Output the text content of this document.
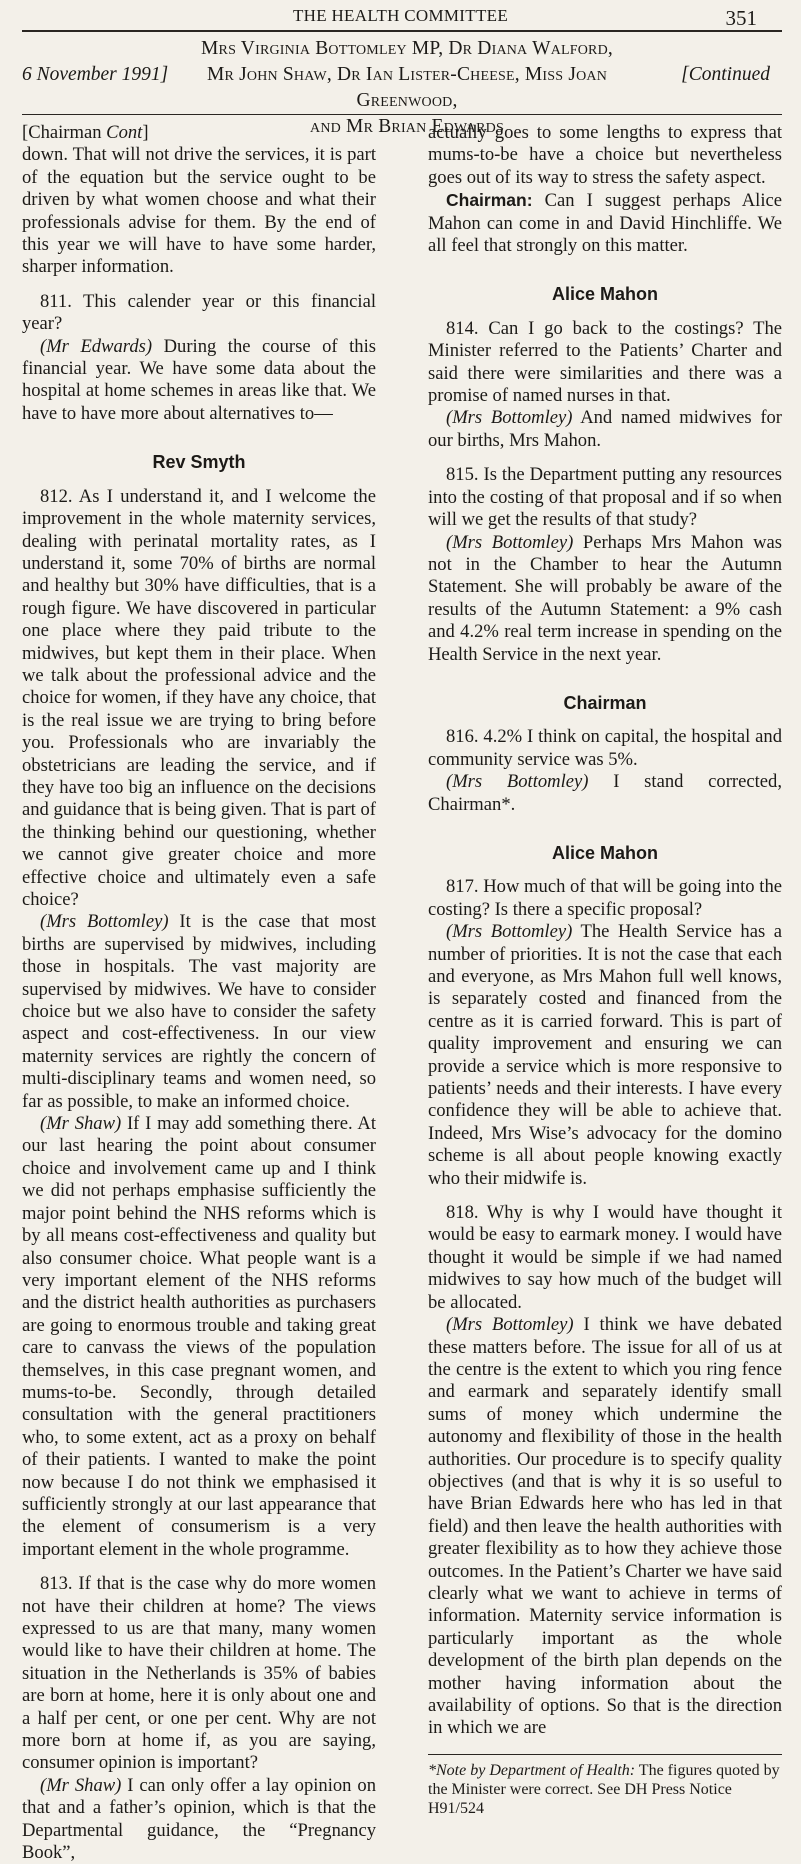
THE HEALTH COMMITTEE	351
6 November 1991]
Mrs Virginia Bottomley MP, Dr Diana Walford,
Mr John Shaw, Dr Ian Lister-Cheese, Miss Joan Greenwood,
and Mr Brian Edwards
[Continued

[Chairman Cont]

down. That will not drive the services, it is part of the equation but the service ought to be driven by what women choose and what their professionals advise for them. By the end of this year we will have to have some harder, sharper information.

811. This calender year or this financial year?

(Mr Edwards) During the course of this financial year. We have some data about the hospital at home schemes in areas like that. We have to have more about alternatives to—

Rev Smyth

812. As I understand it, and I welcome the improvement in the whole maternity services, dealing with perinatal mortality rates, as I understand it, some 70% of births are normal and healthy but 30% have difficulties, that is a rough figure. We have discovered in particular one place where they paid tribute to the midwives, but kept them in their place. When we talk about the professional advice and the choice for women, if they have any choice, that is the real issue we are trying to bring before you. Professionals who are invariably the obstetricians are leading the service, and if they have too big an influence on the decisions and guidance that is being given. That is part of the thinking behind our questioning, whether we cannot give greater choice and more effective choice and ultimately even a safe choice?

(Mrs Bottomley) It is the case that most births are supervised by midwives, including those in hospitals. The vast majority are supervised by midwives. We have to consider choice but we also have to consider the safety aspect and cost-effectiveness. In our view maternity services are rightly the concern of multi-disciplinary teams and women need, so far as possible, to make an informed choice.

(Mr Shaw) If I may add something there. At our last hearing the point about consumer choice and involvement came up and I think we did not perhaps emphasise sufficiently the major point behind the NHS reforms which is by all means cost-effectiveness and quality but also consumer choice. What people want is a very important element of the NHS reforms and the district health authorities as purchasers are going to enormous trouble and taking great care to canvass the views of the population themselves, in this case pregnant women, and mums-to-be. Secondly, through detailed consultation with the general practitioners who, to some extent, act as a proxy on behalf of their patients. I wanted to make the point now because I do not think we emphasised it sufficiently strongly at our last appearance that the element of consumerism is a very important element in the whole programme.

813. If that is the case why do more women not have their children at home? The views expressed to us are that many, many women would like to have their children at home. The situation in the Netherlands is 35% of babies are born at home, here it is only about one and a half per cent, or one per cent. Why are not more born at home if, as you are saying, consumer opinion is important?

(Mr Shaw) I can only offer a lay opinion on that and a father’s opinion, which is that the Departmental guidance, the “Pregnancy Book”,

actually goes to some lengths to express that mums-to-be have a choice but nevertheless goes out of its way to stress the safety aspect.

Chairman: Can I suggest perhaps Alice Mahon can come in and David Hinchliffe. We all feel that strongly on this matter.

Alice Mahon

814. Can I go back to the costings? The Minister referred to the Patients’ Charter and said there were similarities and there was a promise of named nurses in that.

(Mrs Bottomley) And named midwives for our births, Mrs Mahon.

815. Is the Department putting any resources into the costing of that proposal and if so when will we get the results of that study?

(Mrs Bottomley) Perhaps Mrs Mahon was not in the Chamber to hear the Autumn Statement. She will probably be aware of the results of the Autumn Statement: a 9% cash and 4.2% real term increase in spending on the Health Service in the next year.

Chairman

816. 4.2% I think on capital, the hospital and community service was 5%.

(Mrs Bottomley) I stand corrected, Chairman*.

Alice Mahon

817. How much of that will be going into the costing? Is there a specific proposal?

(Mrs Bottomley) The Health Service has a number of priorities. It is not the case that each and everyone, as Mrs Mahon full well knows, is separately costed and financed from the centre as it is carried forward. This is part of quality improvement and ensuring we can provide a service which is more responsive to patients’ needs and their interests. I have every confidence they will be able to achieve that. Indeed, Mrs Wise’s advocacy for the domino scheme is all about people knowing exactly who their midwife is.

818. Why is why I would have thought it would be easy to earmark money. I would have thought it would be simple if we had named midwives to say how much of the budget will be allocated.

(Mrs Bottomley) I think we have debated these matters before. The issue for all of us at the centre is the extent to which you ring fence and earmark and separately identify small sums of money which undermine the autonomy and flexibility of those in the health authorities. Our procedure is to specify quality objectives (and that is why it is so useful to have Brian Edwards here who has led in that field) and then leave the health authorities with greater flexibility as to how they achieve those outcomes. In the Patient’s Charter we have said clearly what we want to achieve in terms of information. Maternity service information is particularly important as the whole development of the birth plan depends on the mother having information about the availability of options. So that is the direction in which we are

*Note by Department of Health: The figures quoted by the Minister were correct. See DH Press Notice H91/524
